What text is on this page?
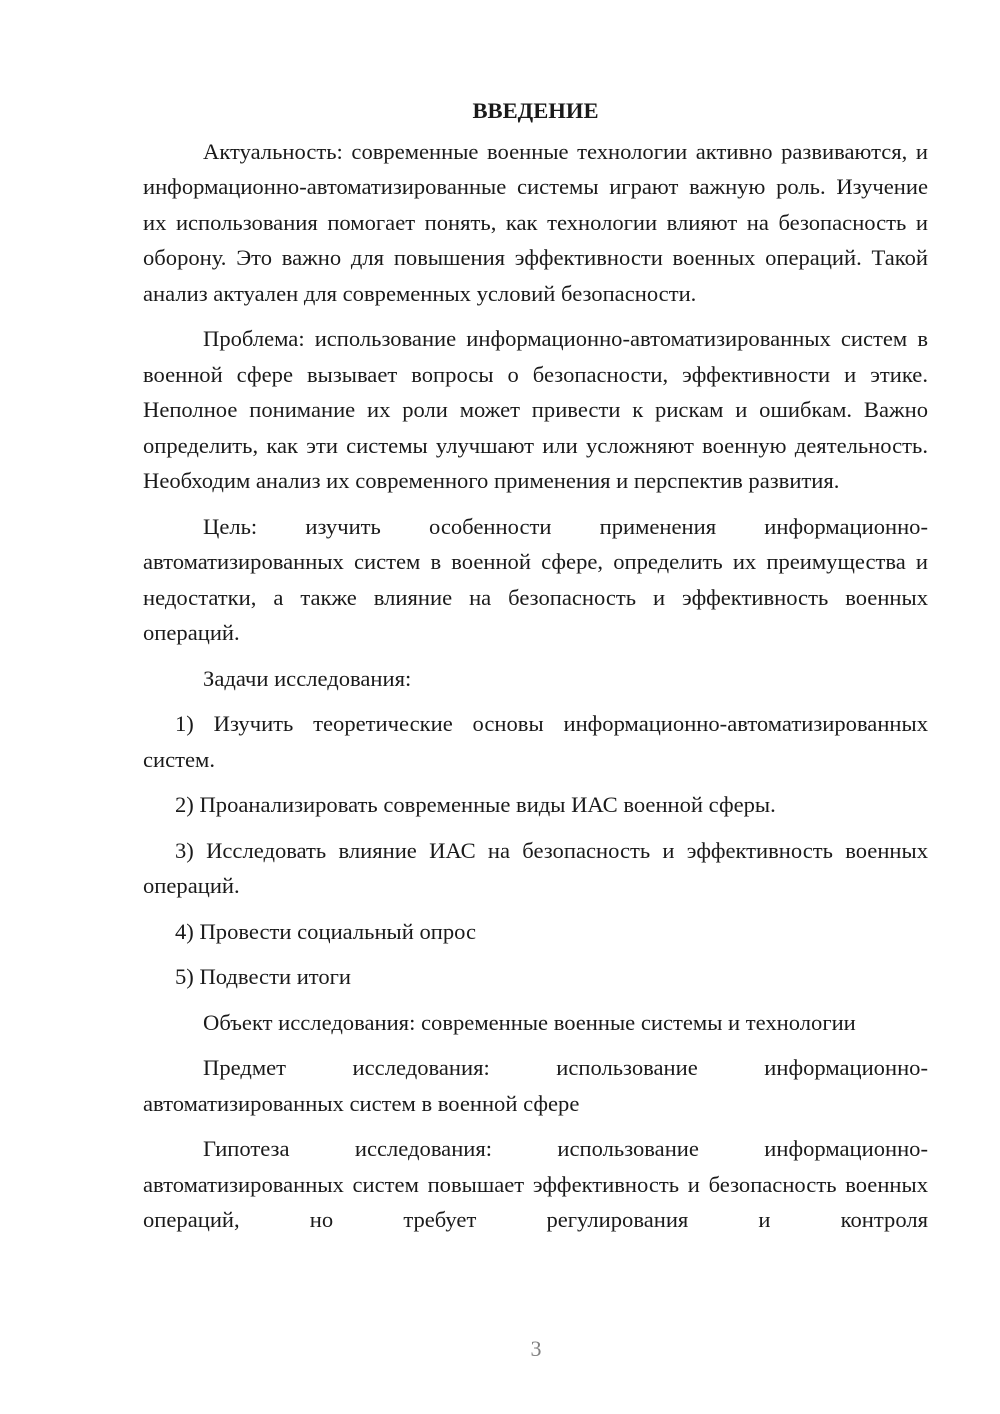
ВВЕДЕНИЕ

Актуальность: современные военные технологии активно развиваются, и информационно-автоматизированные системы играют важную роль. Изучение их использования помогает понять, как технологии влияют на безопасность и оборону. Это важно для повышения эффективности военных операций. Такой анализ актуален для современных условий безопасности.

Проблема: использование информационно-автоматизированных систем в военной сфере вызывает вопросы о безопасности, эффективности и этике. Неполное понимание их роли может привести к рискам и ошибкам. Важно определить, как эти системы улучшают или усложняют военную деятельность. Необходим анализ их современного применения и перспектив развития.

Цель: изучить особенности применения информационно-автоматизированных систем в военной сфере, определить их преимущества и недостатки, а также влияние на безопасность и эффективность военных операций.

Задачи исследования:

1) Изучить теоретические основы информационно-автоматизированных систем.

2) Проанализировать современные виды ИАС военной сферы.

3) Исследовать влияние ИАС на безопасность и эффективность военных операций.

4) Провести социальный опрос

5) Подвести итоги

Объект исследования: современные военные системы и технологии

Предмет исследования: использование информационно-автоматизированных систем в военной сфере

Гипотеза исследования: использование информационно-автоматизированных систем повышает эффективность и безопасность военных операций, но требует регулирования и контроля

3
